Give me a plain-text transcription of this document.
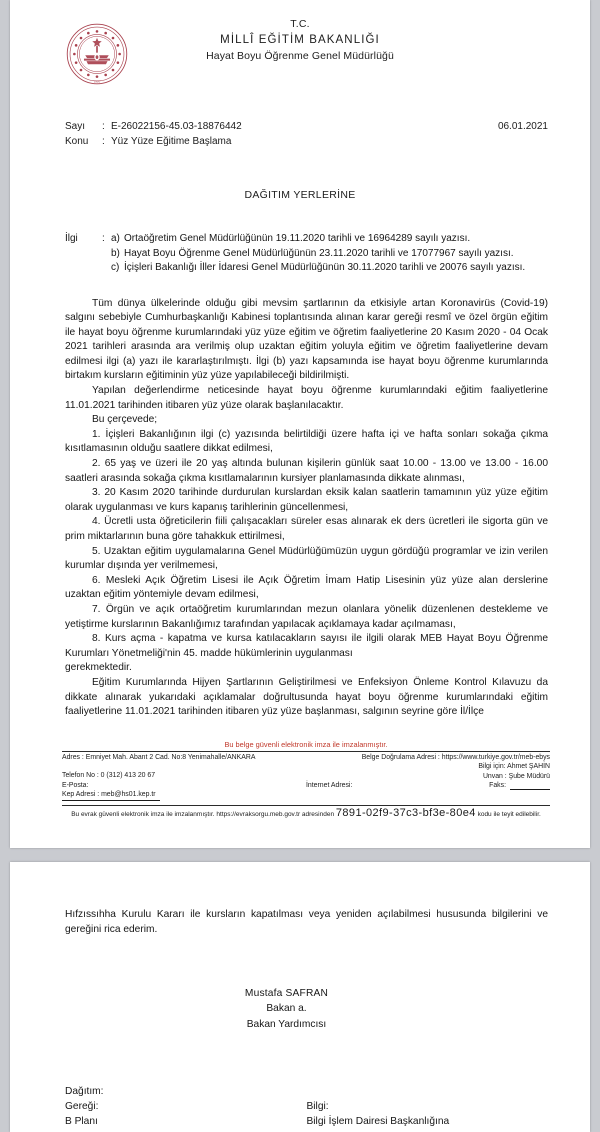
1920
T.C.
MİLLÎ EĞİTİM BAKANLIĞI
Hayat Boyu Öğrenme Genel Müdürlüğü
Sayı	: E-26022156-45.03-18876442
Konu	: Yüz Yüze Eğitime Başlama
06.01.2021
DAĞITIM YERLERİNE
İlgi	: a) Ortaöğretim Genel Müdürlüğünün 19.11.2020 tarihli ve 16964289 sayılı yazısı.
b) Hayat Boyu Öğrenme Genel Müdürlüğünün 23.11.2020 tarihli ve 17077967 sayılı yazısı.
c) İçişleri Bakanlığı İller İdaresi Genel Müdürlüğünün 30.11.2020 tarihli ve 20076 sayılı yazısı.

Tüm dünya ülkelerinde olduğu gibi mevsim şartlarının da etkisiyle artan Koronavirüs (Covid-19) salgını sebebiyle Cumhurbaşkanlığı Kabinesi toplantısında alınan karar gereği resmî ve özel örgün eğitim ile hayat boyu öğrenme kurumlarındaki yüz yüze eğitim ve öğretim faaliyetlerine 20 Kasım 2020 - 04 Ocak 2021 tarihleri arasında ara verilmiş olup uzaktan eğitim yoluyla eğitim ve öğretim faaliyetlerine devam edilmesi ilgi (a) yazı ile kararlaştırılmıştı. İlgi (b) yazı kapsamında ise hayat boyu öğrenme kurumlarında birtakım kursların eğitiminin yüz yüze yapılabileceği bildirilmişti.

Yapılan değerlendirme neticesinde hayat boyu öğrenme kurumlarındaki eğitim faaliyetlerine 11.01.2021 tarihinden itibaren yüz yüze olarak başlanılacaktır.

Bu çerçevede;

1. İçişleri Bakanlığının ilgi (c) yazısında belirtildiği üzere hafta içi ve hafta sonları sokağa çıkma kısıtlamasının olduğu saatlere dikkat edilmesi,

2. 65 yaş ve üzeri ile 20 yaş altında bulunan kişilerin günlük saat 10.00 - 13.00 ve 13.00 - 16.00 saatleri arasında sokağa çıkma kısıtlamalarının kursiyer planlamasında dikkate alınması,

3. 20 Kasım 2020 tarihinde durdurulan kurslardan eksik kalan saatlerin tamamının yüz yüze eğitim olarak uygulanması ve kurs kapanış tarihlerinin güncellenmesi,

4. Ücretli usta öğreticilerin fiili çalışacakları süreler esas alınarak ek ders ücretleri ile sigorta gün ve prim miktarlarının buna göre tahakkuk ettirilmesi,

5. Uzaktan eğitim uygulamalarına Genel Müdürlüğümüzün uygun gördüğü programlar ve izin verilen kurumlar dışında yer verilmemesi,

6. Mesleki Açık Öğretim Lisesi ile Açık Öğretim İmam Hatip Lisesinin yüz yüze alan derslerine uzaktan eğitim yöntemiyle devam edilmesi,

7. Örgün ve açık ortaöğretim kurumlarından mezun olanlara yönelik düzenlenen destekleme ve yetiştirme kurslarının Bakanlığımız tarafından yapılacak açıklamaya kadar açılmaması,

8. Kurs açma - kapatma ve kursa katılacakların sayısı ile ilgili olarak MEB Hayat Boyu Öğrenme Kurumları Yönetmeliği'nin 45. madde hükümlerinin uygulanması

gerekmektedir.

Eğitim Kurumlarında Hijyen Şartlarının Geliştirilmesi ve Enfeksiyon Önleme Kontrol Kılavuzu da dikkate alınarak yukarıdaki açıklamalar doğrultusunda hayat boyu öğrenme kurumlarındaki eğitim faaliyetlerine 11.01.2021 tarihinden itibaren yüz yüze başlanması, salgının seyrine göre İl/İlçe

Bu belge güvenli elektronik imza ile imzalanmıştır.
Adres : Emniyet Mah. Abant 2 Cad. No:8 Yenimahalle/ANKARA
Telefon No : 0 (312) 413 20 67
E-Posta:
Kep Adresi : meb@hs01.kep.tr
Belge Doğrulama Adresi : https://www.turkiye.gov.tr/meb-ebys
Bilgi için: Ahmet ŞAHİN
Unvan : Şube Müdürü
İnternet Adresi:	Faks:
Bu evrak güvenli elektronik imza ile imzalanmıştır. https://evraksorgu.meb.gov.tr adresinden 7891-02f9-37c3-bf3e-80e4 kodu ile teyit edilebilir.

Hıfzıssıhha Kurulu Kararı ile kursların kapatılması veya yeniden açılabilmesi hususunda bilgilerini ve gereğini rica ederim.

Mustafa SAFRAN
Bakan a.
Bakan Yardımcısı
Dağıtım:
Gereği:
B Planı
Bilgi:
Bilgi İşlem Dairesi Başkanlığına
